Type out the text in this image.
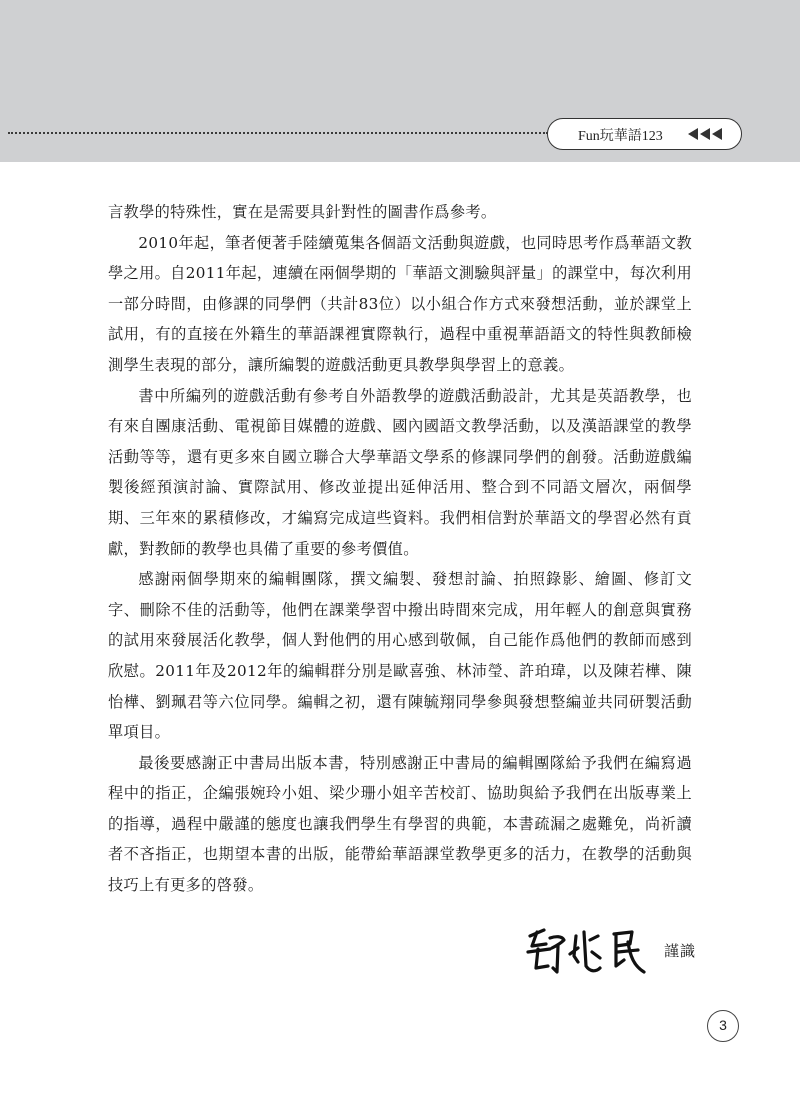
Fun玩華語123

言教學的特殊性，實在是需要具針對性的圖書作爲參考。

2010年起，筆者便著手陸續蒐集各個語文活動與遊戲，也同時思考作爲華語文教學之用。自2011年起，連續在兩個學期的「華語文測驗與評量」的課堂中，每次利用一部分時間，由修課的同學們（共計83位）以小組合作方式來發想活動，並於課堂上試用，有的直接在外籍生的華語課裡實際執行，過程中重視華語語文的特性與教師檢測學生表現的部分，讓所編製的遊戲活動更具教學與學習上的意義。

書中所編列的遊戲活動有參考自外語教學的遊戲活動設計，尤其是英語教學，也有來自團康活動、電視節目媒體的遊戲、國內國語文教學活動，以及漢語課堂的教學活動等等，還有更多來自國立聯合大學華語文學系的修課同學們的創發。活動遊戲編製後經預演討論、實際試用、修改並提出延伸活用、整合到不同語文層次，兩個學期、三年來的累積修改，才編寫完成這些資料。我們相信對於華語文的學習必然有貢獻，對教師的教學也具備了重要的參考價值。

感謝兩個學期來的編輯團隊，撰文編製、發想討論、拍照錄影、繪圖、修訂文字、刪除不佳的活動等，他們在課業學習中撥出時間來完成，用年輕人的創意與實務的試用來發展活化教學，個人對他們的用心感到敬佩，自己能作爲他們的教師而感到欣慰。2011年及2012年的編輯群分別是歐喜強、林沛瑩、許珀瑋，以及陳若樺、陳怡樺、劉珮君等六位同學。編輯之初，還有陳毓翔同學參與發想整編並共同研製活動單項目。

最後要感謝正中書局出版本書，特別感謝正中書局的編輯團隊給予我們在編寫過程中的指正，企編張婉玲小姐、梁少珊小姐辛苦校訂、協助與給予我們在出版專業上的指導，過程中嚴謹的態度也讓我們學生有學習的典範，本書疏漏之處難免，尚祈讀者不吝指正，也期望本書的出版，能帶給華語課堂教學更多的活力，在教學的活動與技巧上有更多的啓發。

謹識
3
